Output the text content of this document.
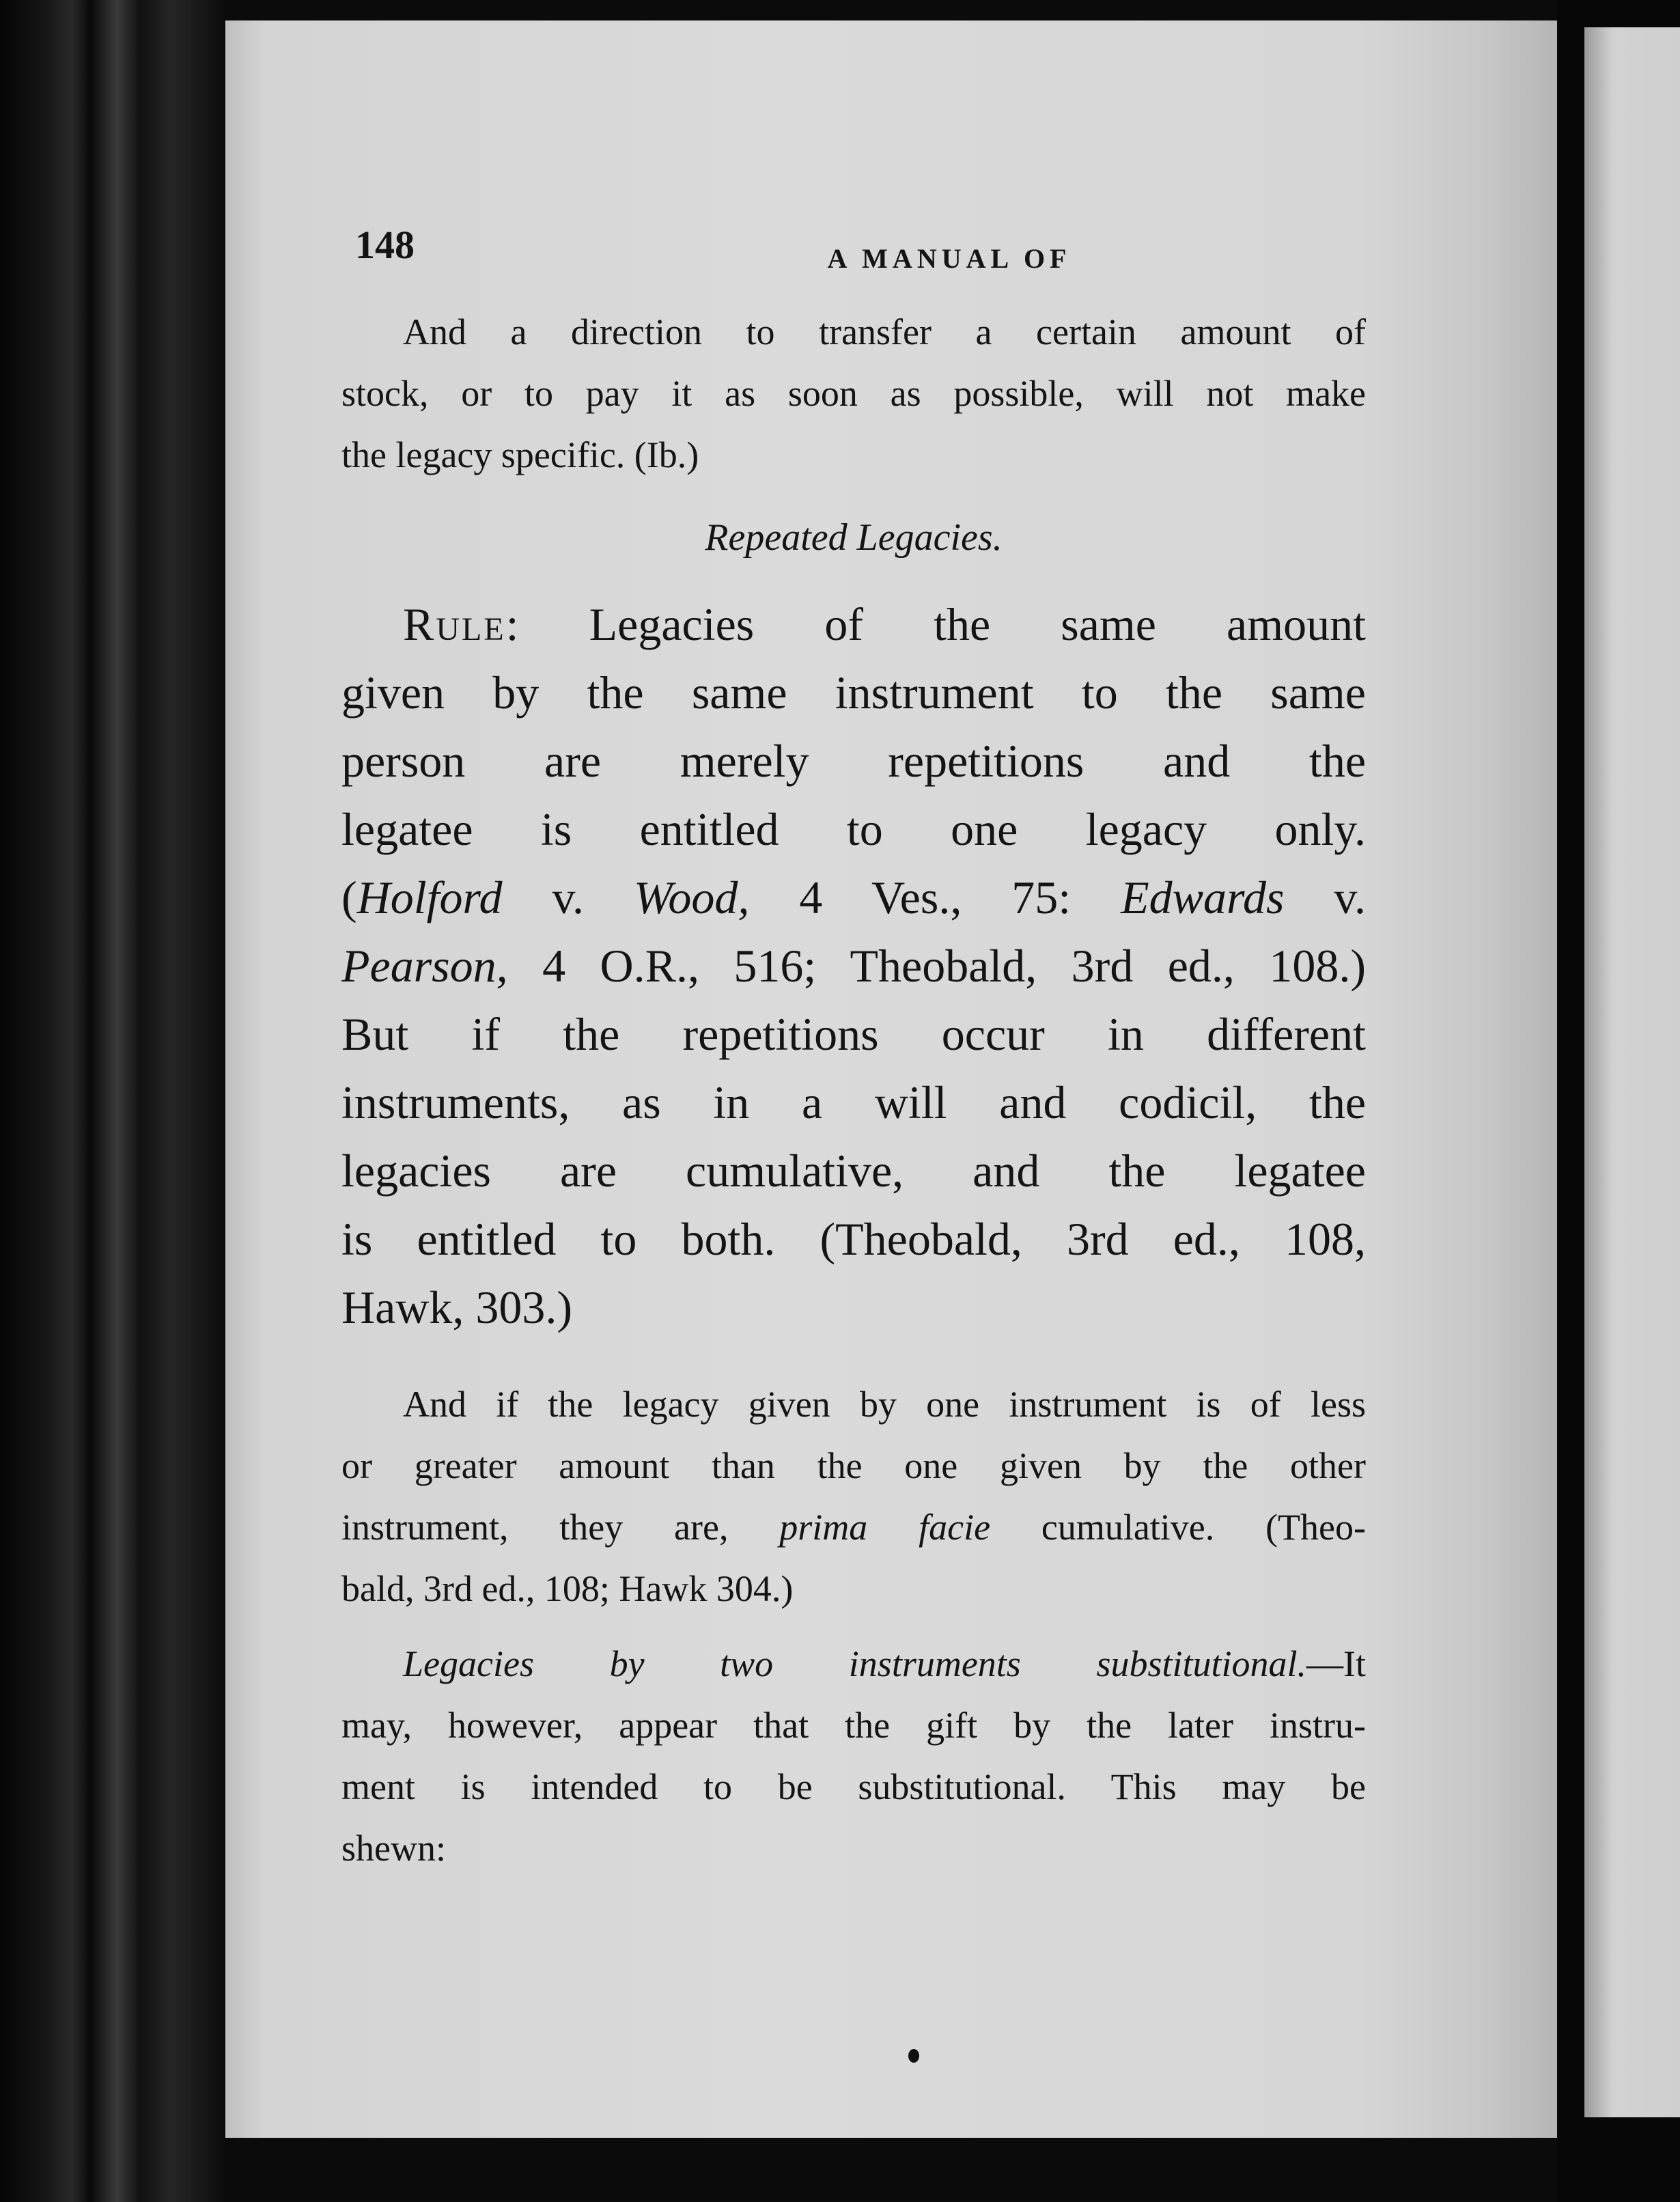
148	A MANUAL OF
And a direction to transfer a certain amount of
stock, or to pay it as soon as possible, will not make
the legacy specific. (Ib.)
Repeated Legacies.
Rule: Legacies of the same amount
given by the same instrument to the same
person are merely repetitions and the
legatee is entitled to one legacy only.
(Holford v. Wood, 4 Ves., 75: Edwards v.
Pearson, 4 O.R., 516; Theobald, 3rd ed., 108.)
But if the repetitions occur in different
instruments, as in a will and codicil, the
legacies are cumulative, and the legatee
is entitled to both. (Theobald, 3rd ed., 108,
Hawk, 303.)
And if the legacy given by one instrument is of less
or greater amount than the one given by the other
instrument, they are, prima facie cumulative. (Theo-
bald, 3rd ed., 108; Hawk 304.)
Legacies by two instruments substitutional.—It
may, however, appear that the gift by the later instru-
ment is intended to be substitutional. This may be
shewn:
